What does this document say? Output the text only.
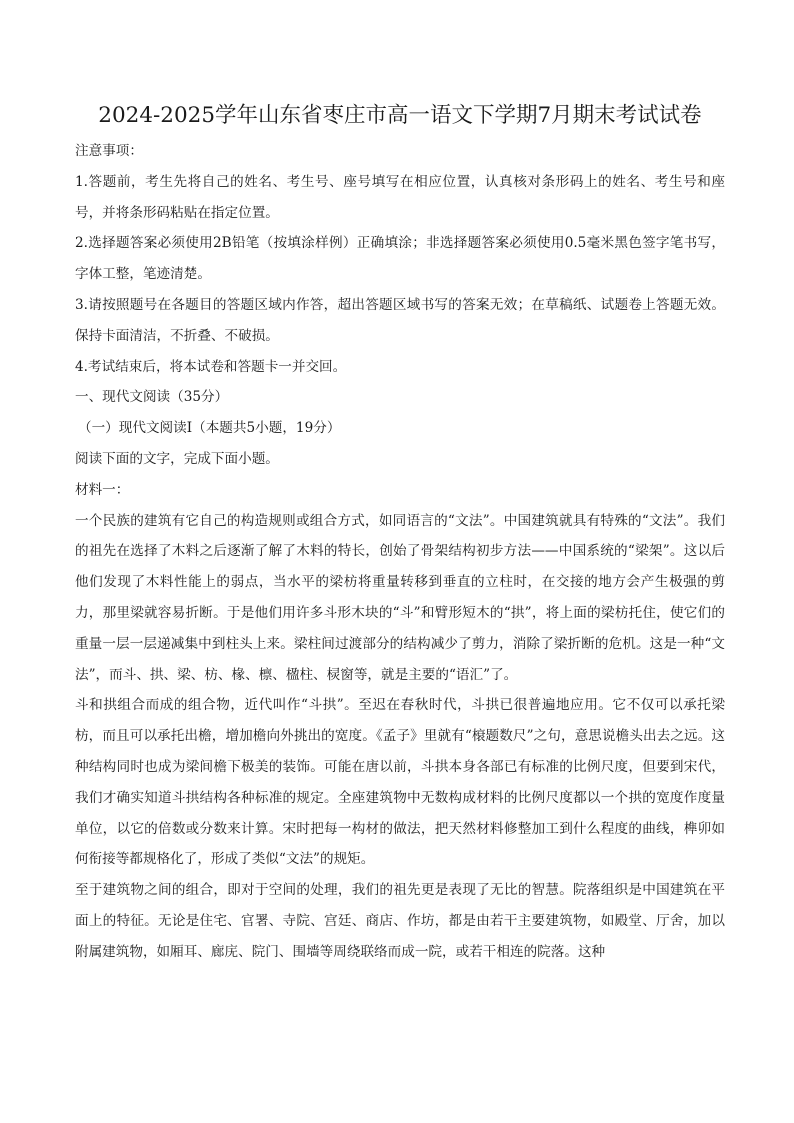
2024-2025学年山东省枣庄市高一语文下学期7月期末考试试卷

注意事项：

1.答题前，考生先将自己的姓名、考生号、座号填写在相应位置，认真核对条形码上的姓名、考生号和座号，并将条形码粘贴在指定位置。

2.选择题答案必须使用2B铅笔（按填涂样例）正确填涂；非选择题答案必须使用0.5毫米黑色签字笔书写，字体工整，笔迹清楚。

3.请按照题号在各题目的答题区域内作答，超出答题区域书写的答案无效；在草稿纸、试题卷上答题无效。保持卡面清洁，不折叠、不破损。

4.考试结束后，将本试卷和答题卡一并交回。

一、现代文阅读（35分）

（一）现代文阅读Ⅰ（本题共5小题，19分）

阅读下面的文字，完成下面小题。

材料一：

一个民族的建筑有它自己的构造规则或组合方式，如同语言的“文法”。中国建筑就具有特殊的“文法”。我们的祖先在选择了木料之后逐渐了解了木料的特长，创始了骨架结构初步方法——中国系统的“梁架”。这以后他们发现了木料性能上的弱点，当水平的梁枋将重量转移到垂直的立柱时，在交接的地方会产生极强的剪力，那里梁就容易折断。于是他们用许多斗形木块的“斗”和臂形短木的“拱”，将上面的梁枋托住，使它们的重量一层一层递减集中到柱头上来。梁柱间过渡部分的结构减少了剪力，消除了梁折断的危机。这是一种“文法”，而斗、拱、梁、枋、椽、檩、楹柱、棂窗等，就是主要的“语汇”了。

斗和拱组合而成的组合物，近代叫作“斗拱”。至迟在春秋时代，斗拱已很普遍地应用。它不仅可以承托梁枋，而且可以承托出檐，增加檐向外挑出的宽度。《孟子》里就有“榱题数尺”之句，意思说檐头出去之远。这种结构同时也成为梁间檐下极美的装饰。可能在唐以前，斗拱本身各部已有标准的比例尺度，但要到宋代，我们才确实知道斗拱结构各种标准的规定。全座建筑物中无数构成材料的比例尺度都以一个拱的宽度作度量单位，以它的倍数或分数来计算。宋时把每一构材的做法，把天然材料修整加工到什么程度的曲线，榫卯如何衔接等都规格化了，形成了类似“文法”的规矩。

至于建筑物之间的组合，即对于空间的处理，我们的祖先更是表现了无比的智慧。院落组织是中国建筑在平面上的特征。无论是住宅、官署、寺院、宫廷、商店、作坊，都是由若干主要建筑物，如殿堂、厅舍，加以附属建筑物，如厢耳、廊庑、院门、围墙等周绕联络而成一院，或若干相连的院落。这种
